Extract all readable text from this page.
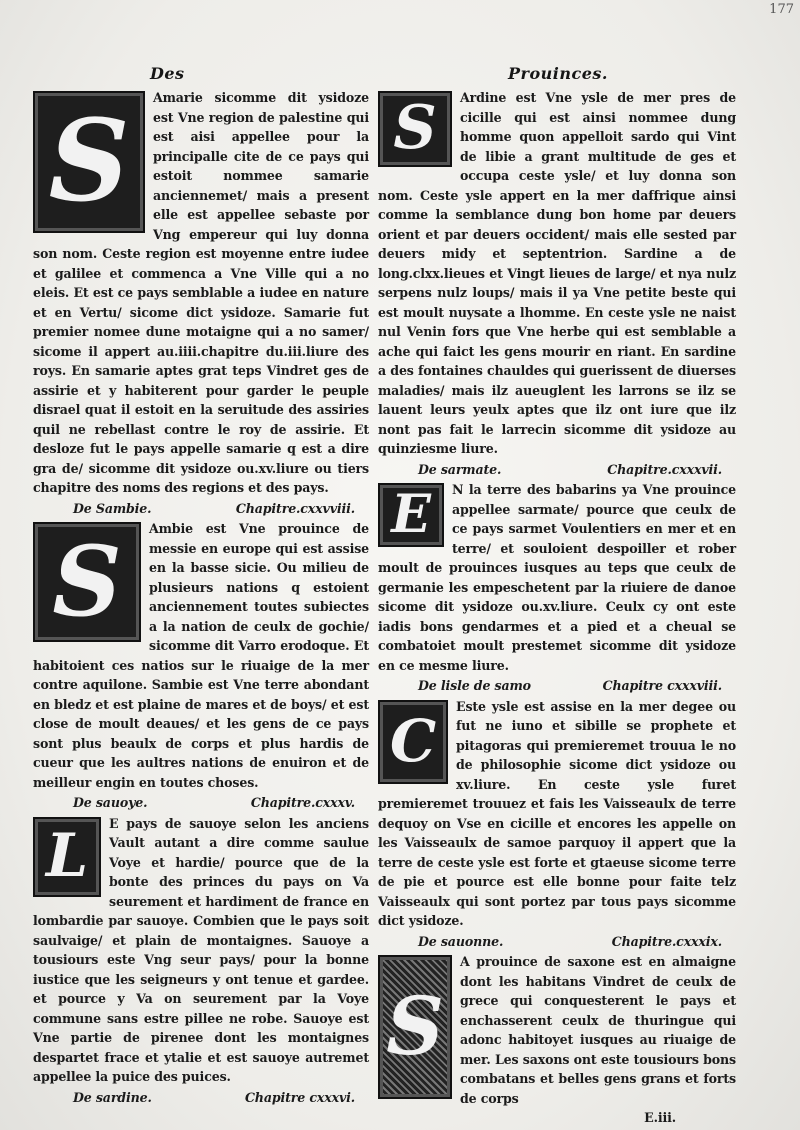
177
Des	Prouinces.

S	Amarie sicomme dit ysidoze est Vne region de palestine qui est aisi appellee pour la principalle cite de ce pays qui estoit nommee samarie anciennemet/ mais a present elle est appellee sebaste por Vng empereur qui luy donna son nom. Ceste region est moyenne entre iudee et galilee et commenca a Vne Ville qui a no eleis. Et est ce pays semblable a iudee en nature et en Vertu/ sicome dict ysidoze. Samarie fut premier nomee dune motaigne qui a no samer/ sicome il appert au.iiii.chapitre du.iii.liure des roys. En samarie aptes grat teps Vindret ges de assirie et y habiterent pour garder le peuple disrael quat il estoit en la seruitude des assiries quil ne rebellast contre le roy de assirie. Et desloze fut le pays appelle samarie q est a dire gra de/ sicomme dit ysidoze ou.xv.liure ou tiers chapitre des noms des regions et des pays.

De Sambie.	Chapitre.cxxvviii.

S	Ambie est Vne prouince de messie en europe qui est assise en la basse sicie. Ou milieu de plusieurs nations q estoient anciennement toutes subiectes a la nation de ceulx de gochie/ sicomme dit Varro erodoque. Et habitoient ces natios sur le riuaige de la mer contre aquilone. Sambie est Vne terre abondant en bledz et est plaine de mares et de boys/ et est close de moult deaues/ et les gens de ce pays sont plus beaulx de corps et plus hardis de cueur que les aultres nations de enuiron et de meilleur engin en toutes choses.

De sauoye.	Chapitre.cxxxv.

L	E pays de sauoye selon les anciens Vault autant a dire comme saulue Voye et hardie/ pource que de la bonte des princes du pays on Va seurement et hardiment de france en lombardie par sauoye. Combien que le pays soit saulvaige/ et plain de montaignes. Sauoye a tousiours este Vng seur pays/ pour la bonne iustice que les seigneurs y ont tenue et gardee. et pource y Va on seurement par la Voye commune sans estre pillee ne robe. Sauoye est Vne partie de pirenee dont les montaignes despartet frace et ytalie et est sauoye autremet appellee la puice des puices.

De sardine.	Chapitre cxxxvi.

S	Ardine est Vne ysle de mer pres de cicille qui est ainsi nommee dung homme quon appelloit sardo qui Vint de libie a grant multitude de ges et occupa ceste ysle/ et luy donna son nom. Ceste ysle appert en la mer daffrique ainsi comme la semblance dung bon home par deuers orient et par deuers occident/ mais elle sested par deuers midy et septentrion. Sardine a de long.clxx.lieues et Vingt lieues de large/ et nya nulz serpens nulz loups/ mais il ya Vne petite beste qui est moult nuysate a lhomme. En ceste ysle ne naist nul Venin fors que Vne herbe qui est semblable a ache qui faict les gens mourir en riant. En sardine a des fontaines chauldes qui guerissent de diuerses maladies/ mais ilz aueuglent les larrons se ilz se lauent leurs yeulx aptes que ilz ont iure que ilz nont pas fait le larrecin sicomme dit ysidoze au quinziesme liure.

De sarmate.	Chapitre.cxxxvii.

E	N la terre des babarins ya Vne prouince appellee sarmate/ pource que ceulx de ce pays sarmet Voulentiers en mer et en terre/ et souloient despoiller et rober moult de prouinces iusques au teps que ceulx de germanie les empeschetent par la riuiere de danoe sicome dit ysidoze ou.xv.liure. Ceulx cy ont este iadis bons gendarmes et a pied et a cheual se combatoiet moult prestemet sicomme dit ysidoze en ce mesme liure.

De lisle de samo	Chapitre cxxxviii.

C
Este ysle est assise en la mer degee ou fut ne iuno et sibille se prophete et pitagoras qui premieremet trouua le no de philosophie sicome dict ysidoze ou xv.liure. En ceste ysle furet premieremet trouuez et fais les Vaisseaulx de terre dequoy on Vse en cicille et encores les appelle on les Vaisseaulx de samoe parquoy il appert que la terre de ceste ysle est forte et gtaeuse sicome terre de pie et pource est elle bonne pour faite telz Vaisseaulx qui sont portez par tous pays sicomme dict ysidoze.

De sauonne.	Chapitre.cxxxix.

S
A prouince de saxone est en almaigne dont les habitans Vindret de ceulx de grece qui conquesterent le pays et enchasserent ceulx de thuringue qui adonc habitoyet iusques au riuaige de mer. Les saxons ont este tousiours bons combatans et belles gens grans et forts de corps

E.iii.
